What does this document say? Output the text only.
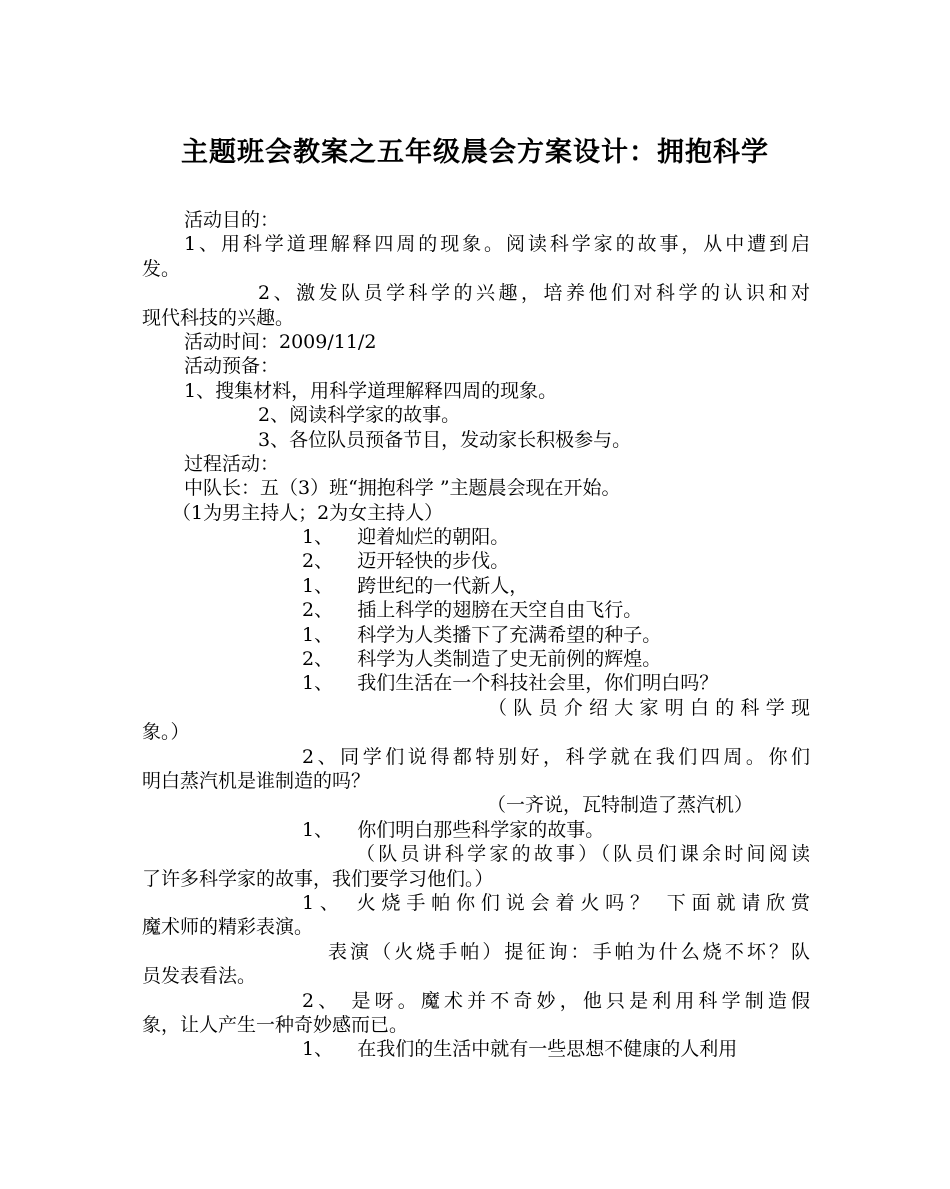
主题班会教案之五年级晨会方案设计：拥抱科学
活动目的：
1、用科学道理解释四周的现象。阅读科学家的故事，从中遭到启
发。
2、激发队员学科学的兴趣，培养他们对科学的认识和对
现代科技的兴趣。
活动时间：2009/11/2
活动预备：
1、搜集材料，用科学道理解释四周的现象。
2、阅读科学家的故事。
3、各位队员预备节目，发动家长积极参与。
过程活动：
中队长：五（3）班“拥抱科学 ”主题晨会现在开始。
（1为男主持人；2为女主持人）
1、    迎着灿烂的朝阳。
2、    迈开轻快的步伐。
1、    跨世纪的一代新人，
2、    插上科学的翅膀在天空自由飞行。
1、    科学为人类播下了充满希望的种子。
2、    科学为人类制造了史无前例的辉煌。
1、    我们生活在一个科技社会里，你们明白吗？
（队员介绍大家明白的科学现
象。）
2、同学们说得都特别好，科学就在我们四周。你们
明白蒸汽机是谁制造的吗？
（一齐说，瓦特制造了蒸汽机）
1、    你们明白那些科学家的故事。
（队员讲科学家的故事）（队员们课余时间阅读
了许多科学家的故事，我们要学习他们。）
1、 火烧手帕你们说会着火吗？ 下面就请欣赏
魔术师的精彩表演。
表演（火烧手帕）提征询：手帕为什么烧不坏？队
员发表看法。
2、 是呀。魔术并不奇妙，他只是利用科学制造假
象，让人产生一种奇妙感而已。
1、    在我们的生活中就有一些思想不健康的人利用
